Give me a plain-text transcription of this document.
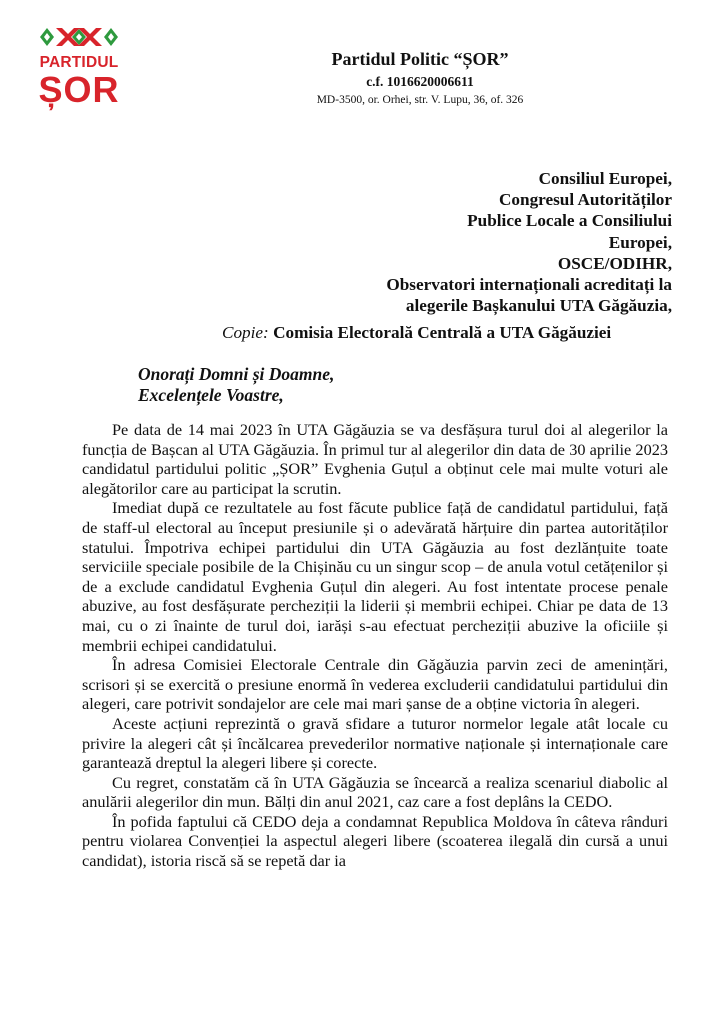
PARTIDUL
ȘOR
Partidul Politic “ȘOR”
c.f. 1016620006611
MD-3500, or. Orhei, str. V. Lupu, 36, of. 326
Consiliul Europei,
Congresul Autorităților
Publice Locale a Consiliului
Europei,
OSCE/ODIHR,
Observatori internaționali acreditați la
alegerile Bașkanului UTA Găgăuzia,
Copie: Comisia Electorală Centrală a UTA Găgăuziei
Onorați Domni și Doamne,
Excelențele Voastre,

Pe data de 14 mai 2023 în UTA Găgăuzia se va desfășura turul doi al alegerilor la funcția de Bașcan al UTA Găgăuzia. În primul tur al alegerilor din data de 30 aprilie 2023 candidatul partidului politic „ȘOR” Evghenia Guțul a obținut cele mai multe voturi ale alegătorilor care au participat la scrutin.

Imediat după ce rezultatele au fost făcute publice față de candidatul partidului, față de staff-ul electoral au început presiunile și o adevărată hărțuire din partea autorităților statului. Împotriva echipei partidului din UTA Găgăuzia au fost dezlănțuite toate serviciile speciale posibile de la Chișinău cu un singur scop – de anula votul cetățenilor și de a exclude candidatul Evghenia Guțul din alegeri. Au fost intentate procese penale abuzive, au fost desfășurate percheziții la liderii și membrii echipei. Chiar pe data de 13 mai, cu o zi înainte de turul doi, iarăși s-au efectuat percheziții abuzive la oficiile și membrii echipei candidatului.

În adresa Comisiei Electorale Centrale din Găgăuzia parvin zeci de amenințări, scrisori și se exercită o presiune enormă în vederea excluderii candidatului partidului din alegeri, care potrivit sondajelor are cele mai mari șanse de a obține victoria în alegeri.

Aceste acțiuni reprezintă o gravă sfidare a tuturor normelor legale atât locale cu privire la alegeri cât și încălcarea prevederilor normative naționale și internaționale care garantează dreptul la alegeri libere și corecte.

Cu regret, constatăm că în UTA Găgăuzia se încearcă a realiza scenariul diabolic al anulării alegerilor din mun. Bălți din anul 2021, caz care a fost deplâns la CEDO.

În pofida faptului că CEDO deja a condamnat Republica Moldova în câteva rânduri pentru violarea Convenției la aspectul alegeri libere (scoaterea ilegală din cursă a unui candidat), istoria riscă să se repetă dar ia
